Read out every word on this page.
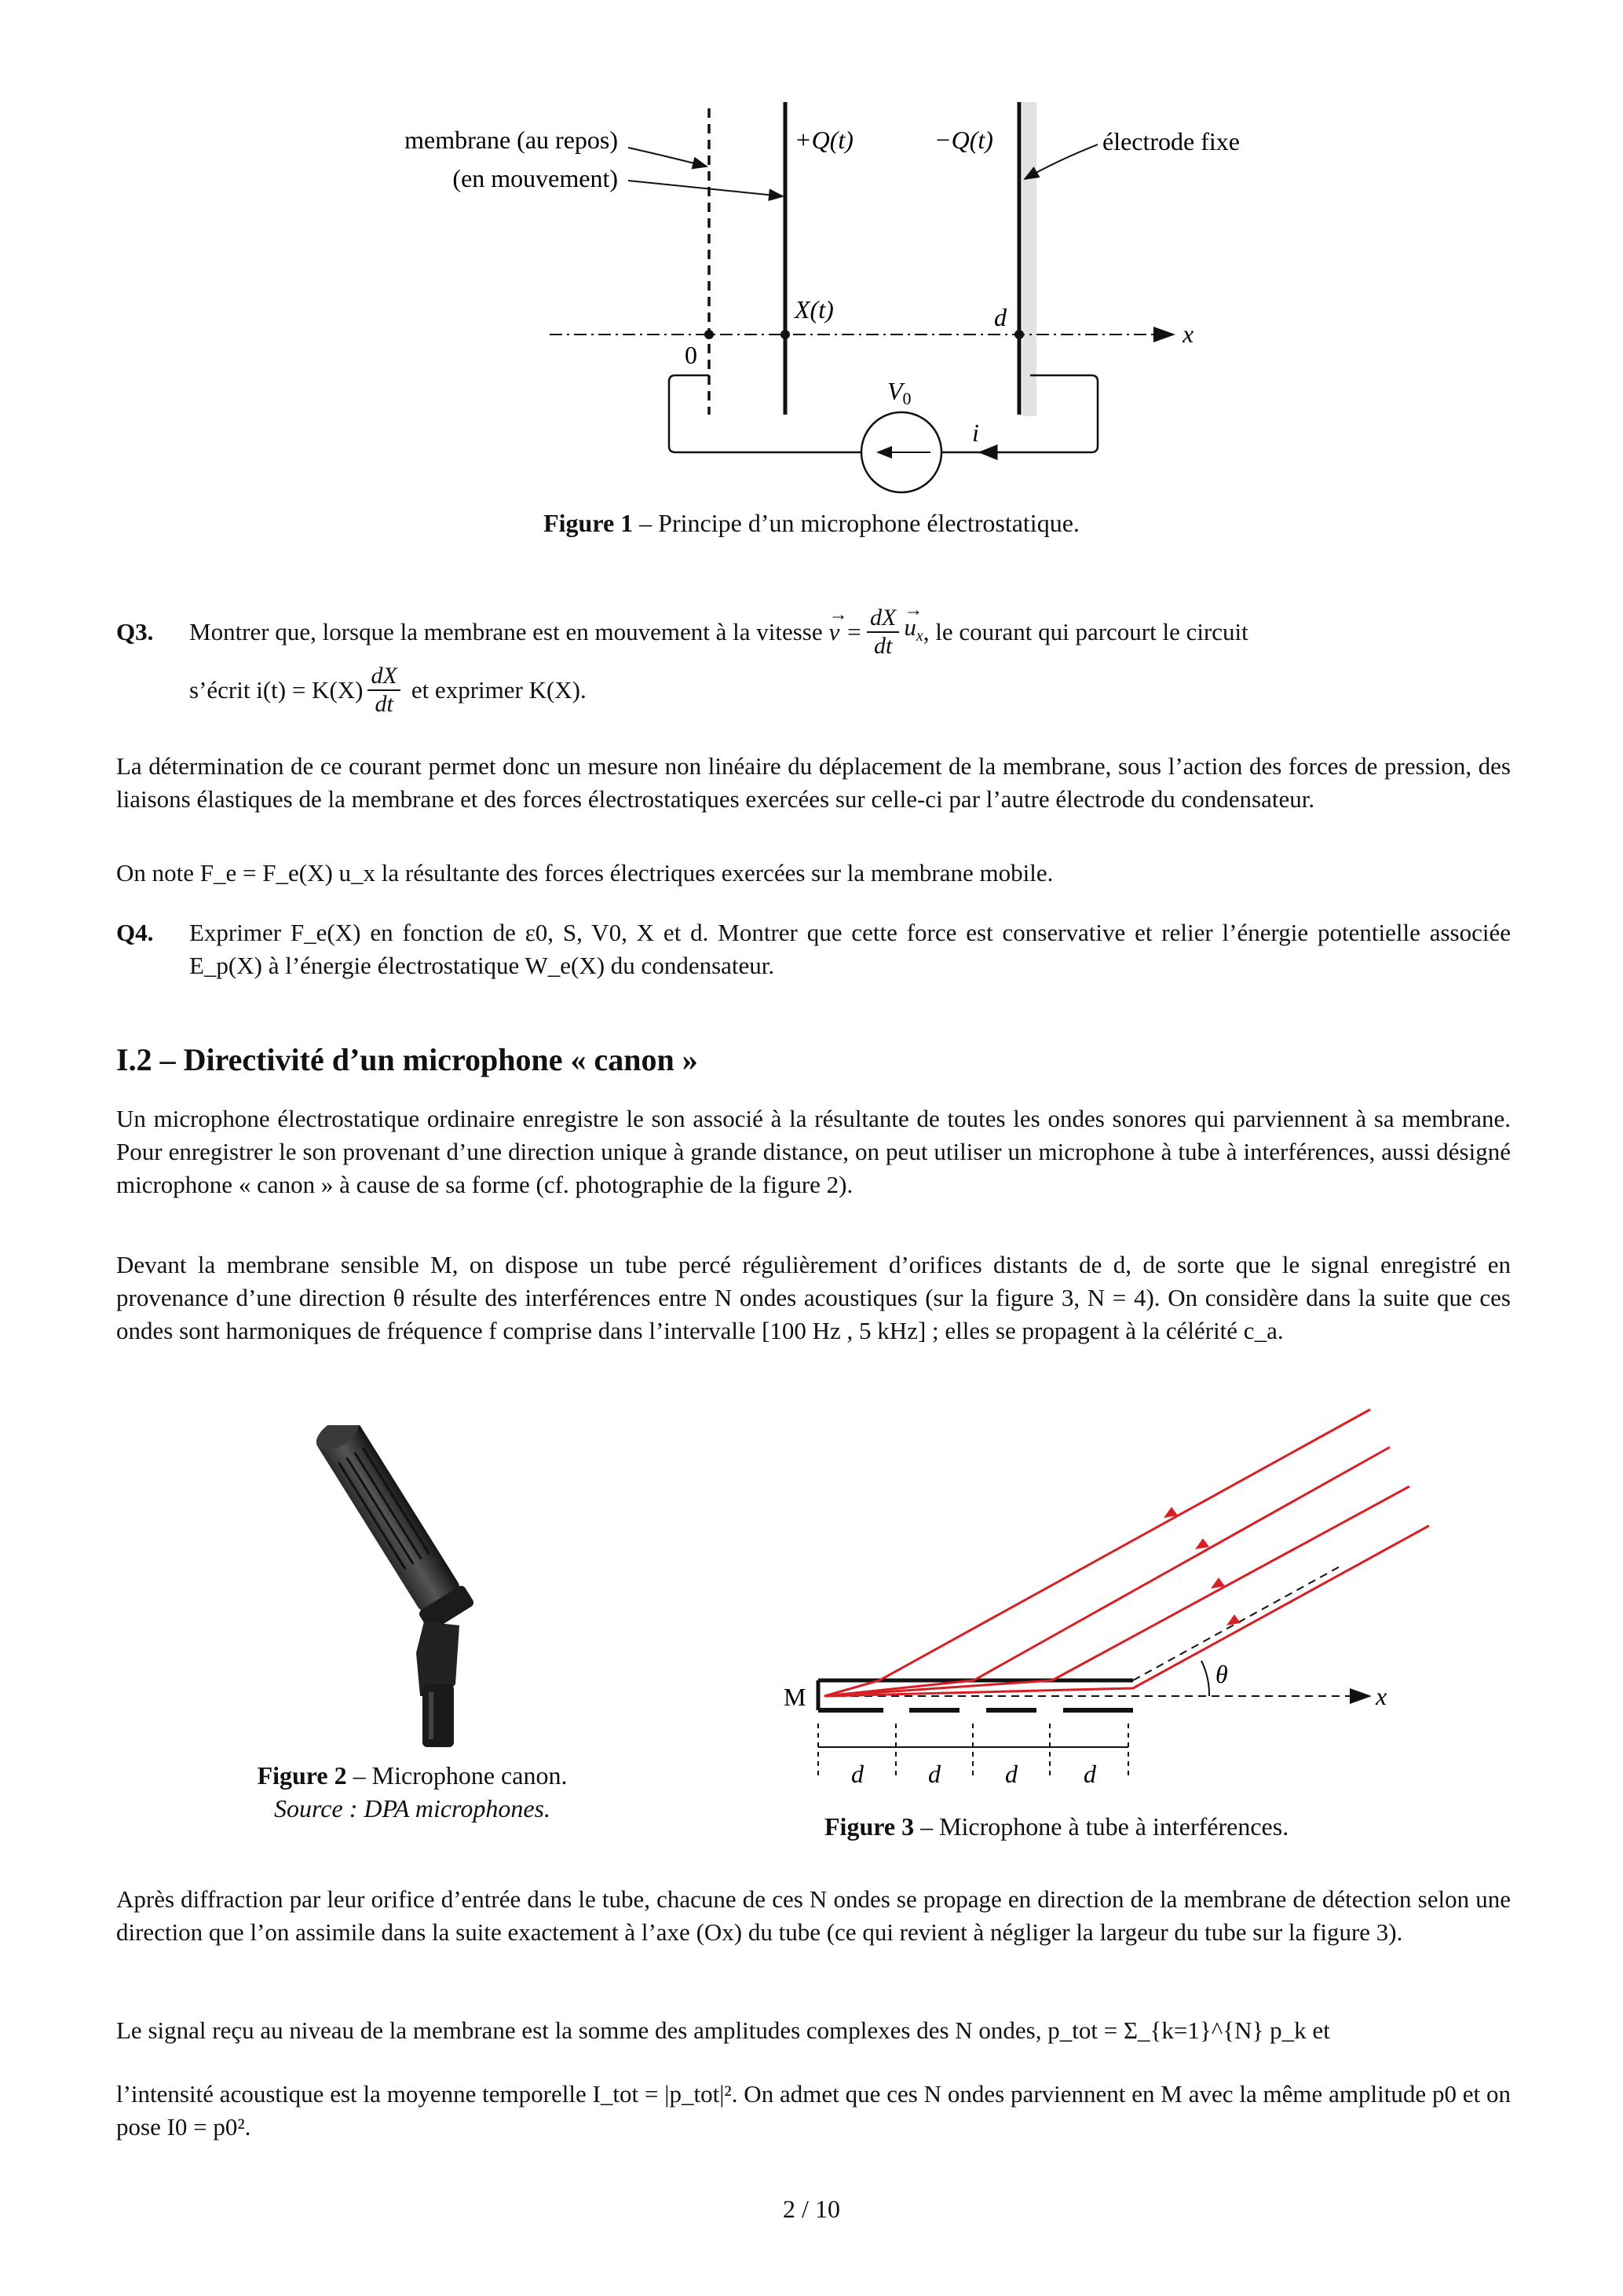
membrane (au repos)
(en mouvement)
+Q(t)	−Q(t)	électrode fixe
X(t)	d
x
0
V0
i
Figure 1 – Principe d’un microphone électrostatique.
Q3.	Montrer que, lorsque la membrane est en mouvement à la vitesse
→ $v = \frac{dX}{dt}$
→ $u_x$ , le courant qui parcourt le circuit
s’écrit $i(t) = K(X) \frac{dX}{dt}$ et exprimer K(X).
La détermination de ce courant permet donc un mesure non linéaire du déplacement de la membrane, sous l’action des forces de pression, des liaisons élastiques de la membrane et des forces électrostatiques exercées sur celle-ci par l’autre électrode du condensateur.
On note F_e = F_e(X) u_x la résultante des forces électriques exercées sur la membrane mobile.
Q4.	Exprimer F_e(X) en fonction de ε0, S, V0, X et d. Montrer que cette force est conservative et relier l’énergie potentielle associée E_p(X) à l’énergie électrostatique W_e(X) du condensateur.
I.2 – Directivité d’un microphone « canon »
Un microphone électrostatique ordinaire enregistre le son associé à la résultante de toutes les ondes sonores qui parviennent à sa membrane. Pour enregistrer le son provenant d’une direction unique à grande distance, on peut utiliser un microphone à tube à interférences, aussi désigné microphone « canon » à cause de sa forme (cf. photographie de la figure 2).
Devant la membrane sensible M, on dispose un tube percé régulièrement d’orifices distants de d, de sorte que le signal enregistré en provenance d’une direction θ résulte des interférences entre N ondes acoustiques (sur la figure 3, N = 4). On considère dans la suite que ces ondes sont harmoniques de fréquence f comprise dans l’intervalle [100 Hz , 5 kHz] ; elles se propagent à la célérité c_a.
Figure 2 – Microphone canon.
Source : DPA microphones.
M	x
θ
d	d	d	d
Figure 3 – Microphone à tube à interférences.
Après diffraction par leur orifice d’entrée dans le tube, chacune de ces N ondes se propage en direction de la membrane de détection selon une direction que l’on assimile dans la suite exactement à l’axe (Ox) du tube (ce qui revient à négliger la largeur du tube sur la figure 3).
Le signal reçu au niveau de la membrane est la somme des amplitudes complexes des N ondes, p_tot = Σ_{k=1}^{N} p_k et
l’intensité acoustique est la moyenne temporelle I_tot = |p_tot|². On admet que ces N ondes parviennent en M avec la même amplitude p0 et on pose I0 = p0².
2 / 10
